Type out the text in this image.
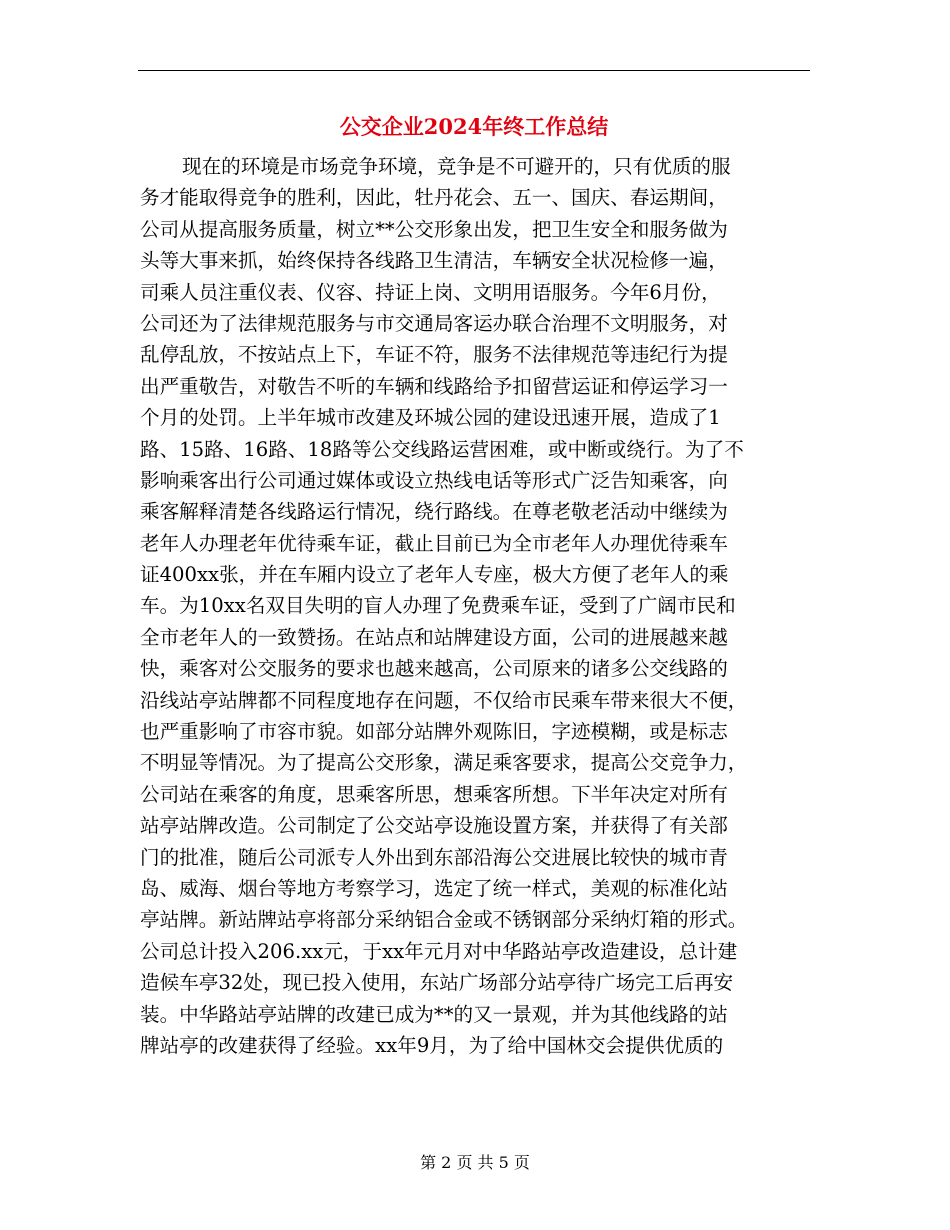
公交企业2024年终工作总结
现在的环境是市场竞争环境，竞争是不可避开的，只有优质的服
务才能取得竞争的胜利，因此，牡丹花会、五一、国庆、春运期间，
公司从提高服务质量，树立**公交形象出发，把卫生安全和服务做为
头等大事来抓，始终保持各线路卫生清洁，车辆安全状况检修一遍，
司乘人员注重仪表、仪容、持证上岗、文明用语服务。今年6月份，
公司还为了法律规范服务与市交通局客运办联合治理不文明服务，对
乱停乱放，不按站点上下，车证不符，服务不法律规范等违纪行为提
出严重敬告，对敬告不听的车辆和线路给予扣留营运证和停运学习一
个月的处罚。上半年城市改建及环城公园的建设迅速开展，造成了1
路、15路、16路、18路等公交线路运营困难，或中断或绕行。为了不
影响乘客出行公司通过媒体或设立热线电话等形式广泛告知乘客，向
乘客解释清楚各线路运行情况，绕行路线。在尊老敬老活动中继续为
老年人办理老年优待乘车证，截止目前已为全市老年人办理优待乘车
证400xx张，并在车厢内设立了老年人专座，极大方便了老年人的乘
车。为10xx名双目失明的盲人办理了免费乘车证，受到了广阔市民和
全市老年人的一致赞扬。在站点和站牌建设方面，公司的进展越来越
快，乘客对公交服务的要求也越来越高，公司原来的诸多公交线路的
沿线站亭站牌都不同程度地存在问题，不仅给市民乘车带来很大不便，
也严重影响了市容市貌。如部分站牌外观陈旧，字迹模糊，或是标志
不明显等情况。为了提高公交形象，满足乘客要求，提高公交竞争力，
公司站在乘客的角度，思乘客所思，想乘客所想。下半年决定对所有
站亭站牌改造。公司制定了公交站亭设施设置方案，并获得了有关部
门的批准，随后公司派专人外出到东部沿海公交进展比较快的城市青
岛、威海、烟台等地方考察学习，选定了统一样式，美观的标准化站
亭站牌。新站牌站亭将部分采纳铝合金或不锈钢部分采纳灯箱的形式。
公司总计投入206.xx元，于xx年元月对中华路站亭改造建设，总计建
造候车亭32处，现已投入使用，东站广场部分站亭待广场完工后再安
装。中华路站亭站牌的改建已成为**的又一景观，并为其他线路的站
牌站亭的改建获得了经验。xx年9月，为了给中国林交会提供优质的
第 2 页 共 5 页
